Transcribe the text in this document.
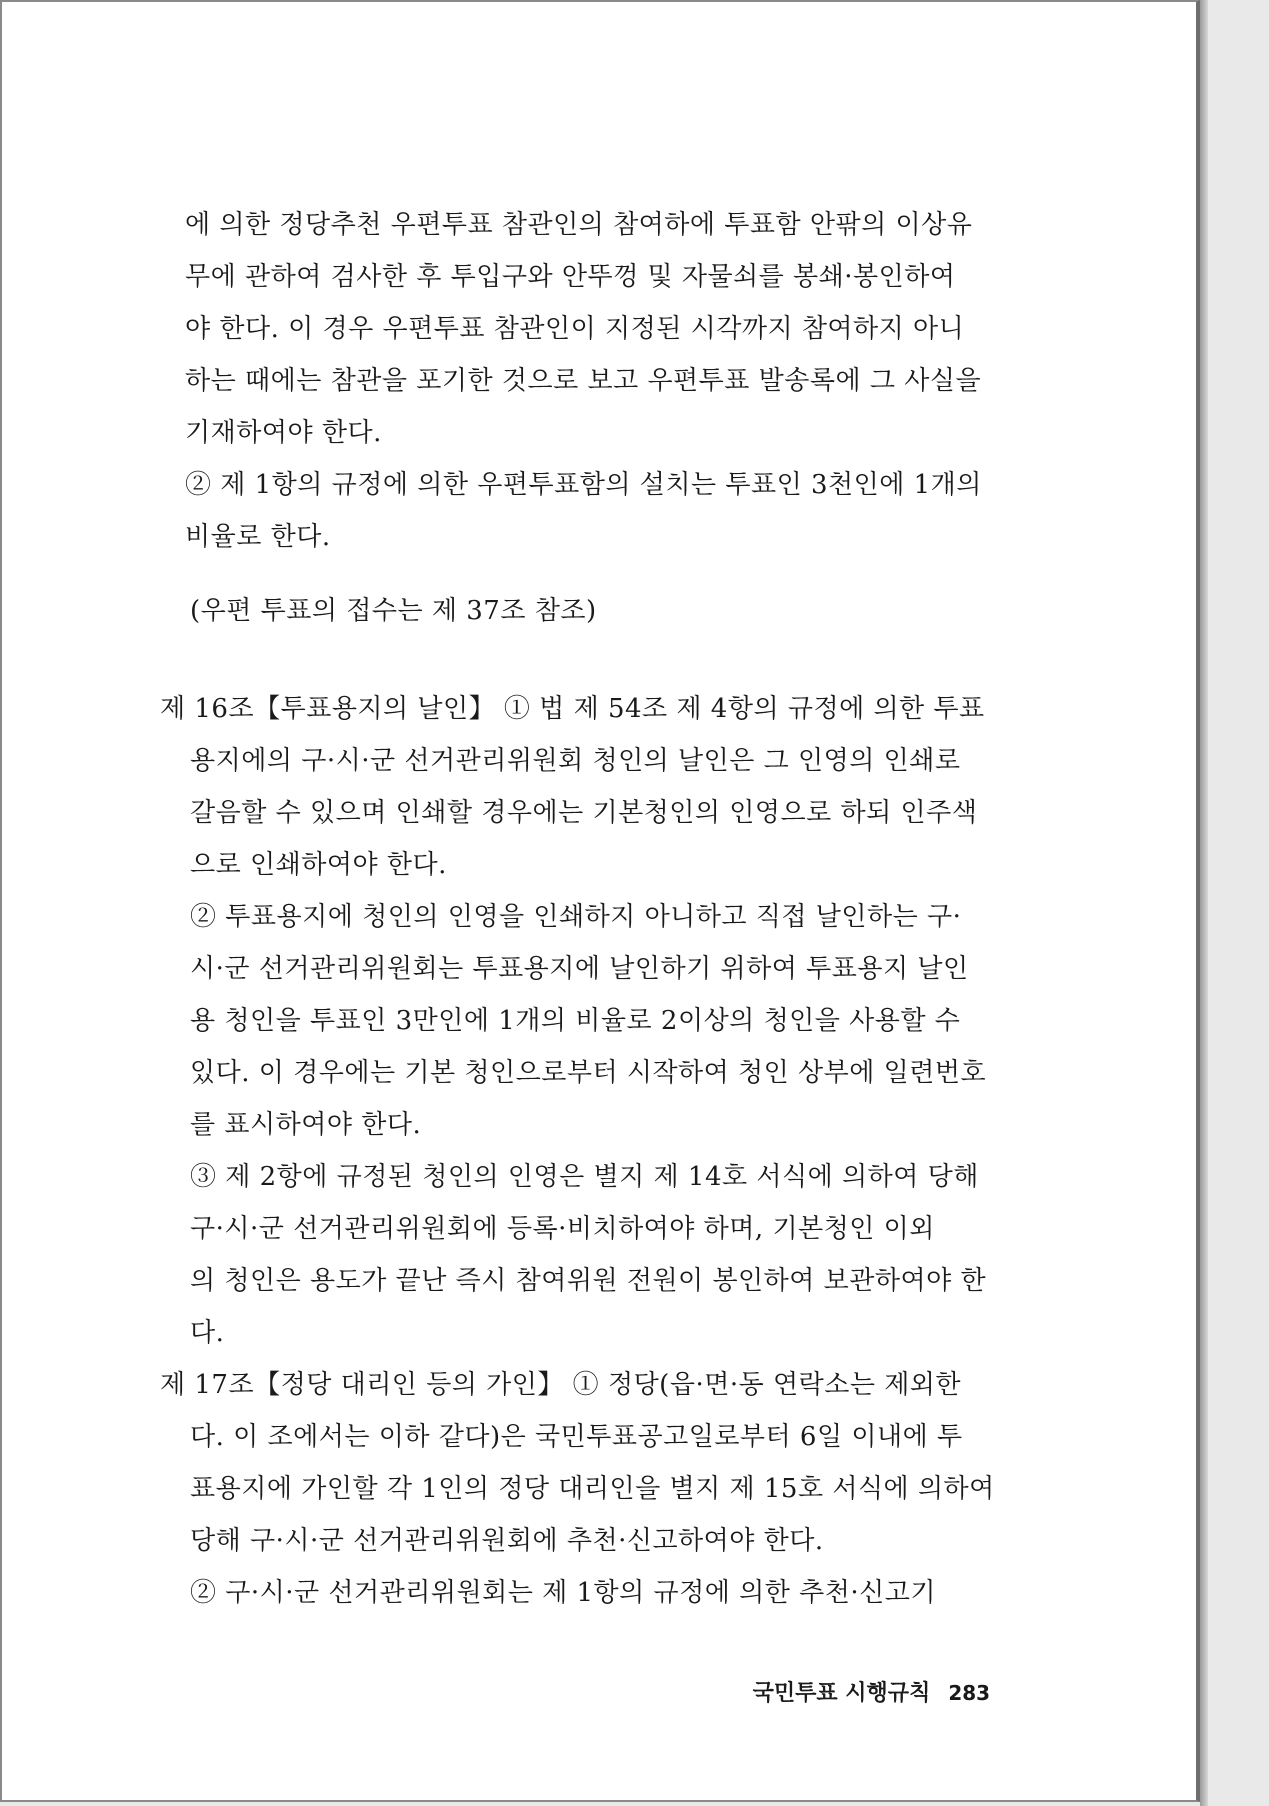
에 의한 정당추천 우편투표 참관인의 참여하에 투표함 안팎의 이상유
무에 관하여 검사한 후 투입구와 안뚜껑 및 자물쇠를 봉쇄·봉인하여
야 한다. 이 경우 우편투표 참관인이 지정된 시각까지 참여하지 아니
하는 때에는 참관을 포기한 것으로 보고 우편투표 발송록에 그 사실을
기재하여야 한다.
② 제 1항의 규정에 의한 우편투표함의 설치는 투표인 3천인에 1개의
비율로 한다.
(우편 투표의 접수는 제 37조 참조)
제 16조【투표용지의 날인】 ① 법 제 54조 제 4항의 규정에 의한 투표
용지에의 구·시·군 선거관리위원회 청인의 날인은 그 인영의 인쇄로
갈음할 수 있으며 인쇄할 경우에는 기본청인의 인영으로 하되 인주색
으로 인쇄하여야 한다.
② 투표용지에 청인의 인영을 인쇄하지 아니하고 직접 날인하는 구·
시·군 선거관리위원회는 투표용지에 날인하기 위하여 투표용지 날인
용 청인을 투표인 3만인에 1개의 비율로 2이상의 청인을 사용할 수
있다. 이 경우에는 기본 청인으로부터 시작하여 청인 상부에 일련번호
를 표시하여야 한다.
③ 제 2항에 규정된 청인의 인영은 별지 제 14호 서식에 의하여 당해
구·시·군 선거관리위원회에 등록·비치하여야 하며, 기본청인 이외
의 청인은 용도가 끝난 즉시 참여위원 전원이 봉인하여 보관하여야 한
다.
제 17조【정당 대리인 등의 가인】 ① 정당(읍·면·동 연락소는 제외한
다. 이 조에서는 이하 같다)은 국민투표공고일로부터 6일 이내에 투
표용지에 가인할 각 1인의 정당 대리인을 별지 제 15호 서식에 의하여
당해 구·시·군 선거관리위원회에 추천·신고하여야 한다.
② 구·시·군 선거관리위원회는 제 1항의 규정에 의한 추천·신고기

국민투표 시행규칙 283
